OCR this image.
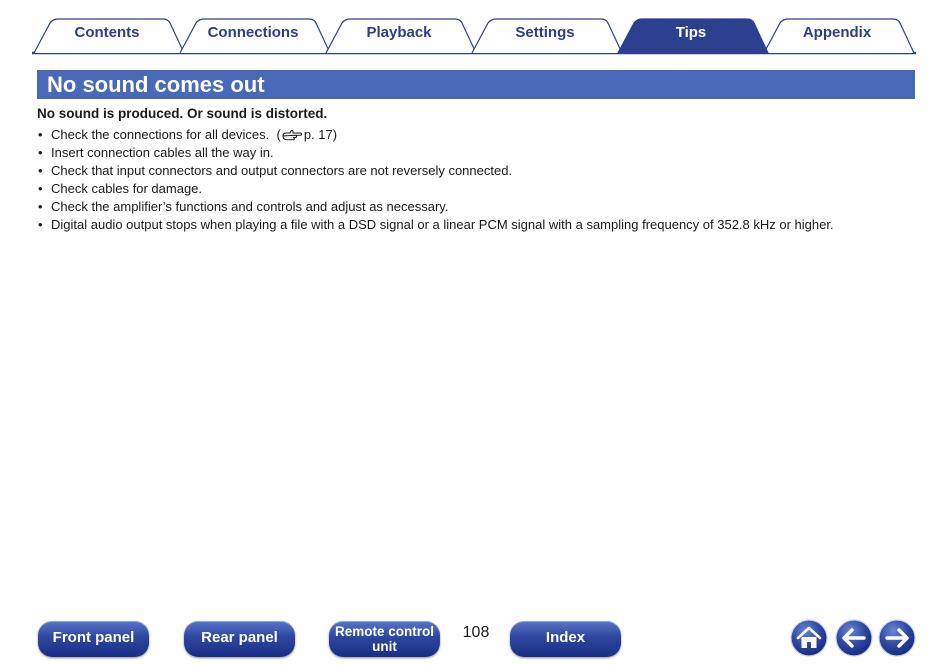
Contents	Connections	Playback	Settings	Tips	Appendix
No sound comes out
No sound is produced. Or sound is distorted.
• Check the connections for all devices.  ( p. 17)
• Insert connection cables all the way in.
• Check that input connectors and output connectors are not reversely connected.
• Check cables for damage.
• Check the amplifier’s functions and controls and adjust as necessary.
• Digital audio output stops when playing a file with a DSD signal or a linear PCM signal with a sampling frequency of 352.8 kHz or higher.
Front panel	Rear panel	Remote control
unit
108	Index
